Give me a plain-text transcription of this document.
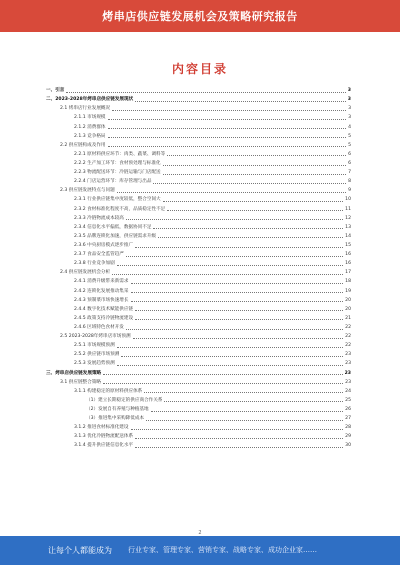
烤串店供应链发展机会及策略研究报告
内容目录
一、引言	3
二、2023-2028年烤串店供应链发展现状	3
2.1 烤串店行业发展概况	3
2.1.1 市场规模	3
2.1.2 消费群体	4
2.1.3 竞争格局	5
2.2 供应链构成及作用	5
2.2.1 原材料供应环节：肉类、蔬菜、调料等	6
2.2.2 生产加工环节：食材预处理与标准化	6
2.2.3 物流配送环节：冷链运输与门店配送	7
2.2.4 门店运营环节：库存管理与出品	8
2.3 供应链发展特点与问题	9
2.3.1 行业供应链集中度较低，整合空间大	10
2.3.2 食材标准化程度不高，品质稳定性不足	11
2.3.3 冷链物流成本较高	12
2.3.4 信息化水平偏低，数据协同不足	13
2.3.5 品牌连锁化加速，供应链需求升级	14
2.3.6 中央厨房模式逐步推广	15
2.3.7 食品安全监管趋严	16
2.3.8 行业竞争加剧	16
2.4 供应链发展机会分析	17
2.4.1 消费升级带来新需求	18
2.4.2 连锁化发展推动集采	19
2.4.3 预制菜市场快速增长	20
2.4.4 数字化技术赋能供应链	20
2.4.5 政策支持冷链物流建设	21
2.4.6 区域特色食材开发	22
2.5 2023-2028年烤串店市场预测	22
2.5.1 市场规模预测	22
2.5.2 供应链市场预测	23
2.5.3 发展趋势预测	23
三、烤串店供应链发展策略	23
3.1 供应链整合策略	23
3.1.1 构建稳定的原材料供应体系	24
（1）建立长期稳定的供应商合作关系	25
（2）发展自有养殖与种植基地	26
（3）推进集中采购降低成本	27
3.1.2 推进食材标准化建设	28
3.1.3 优化冷链物流配送体系	29
3.1.4 提升供应链信息化水平	30
2
让每个人都能成为 行业专家、管理专家、营销专家、战略专家、成功企业家……
